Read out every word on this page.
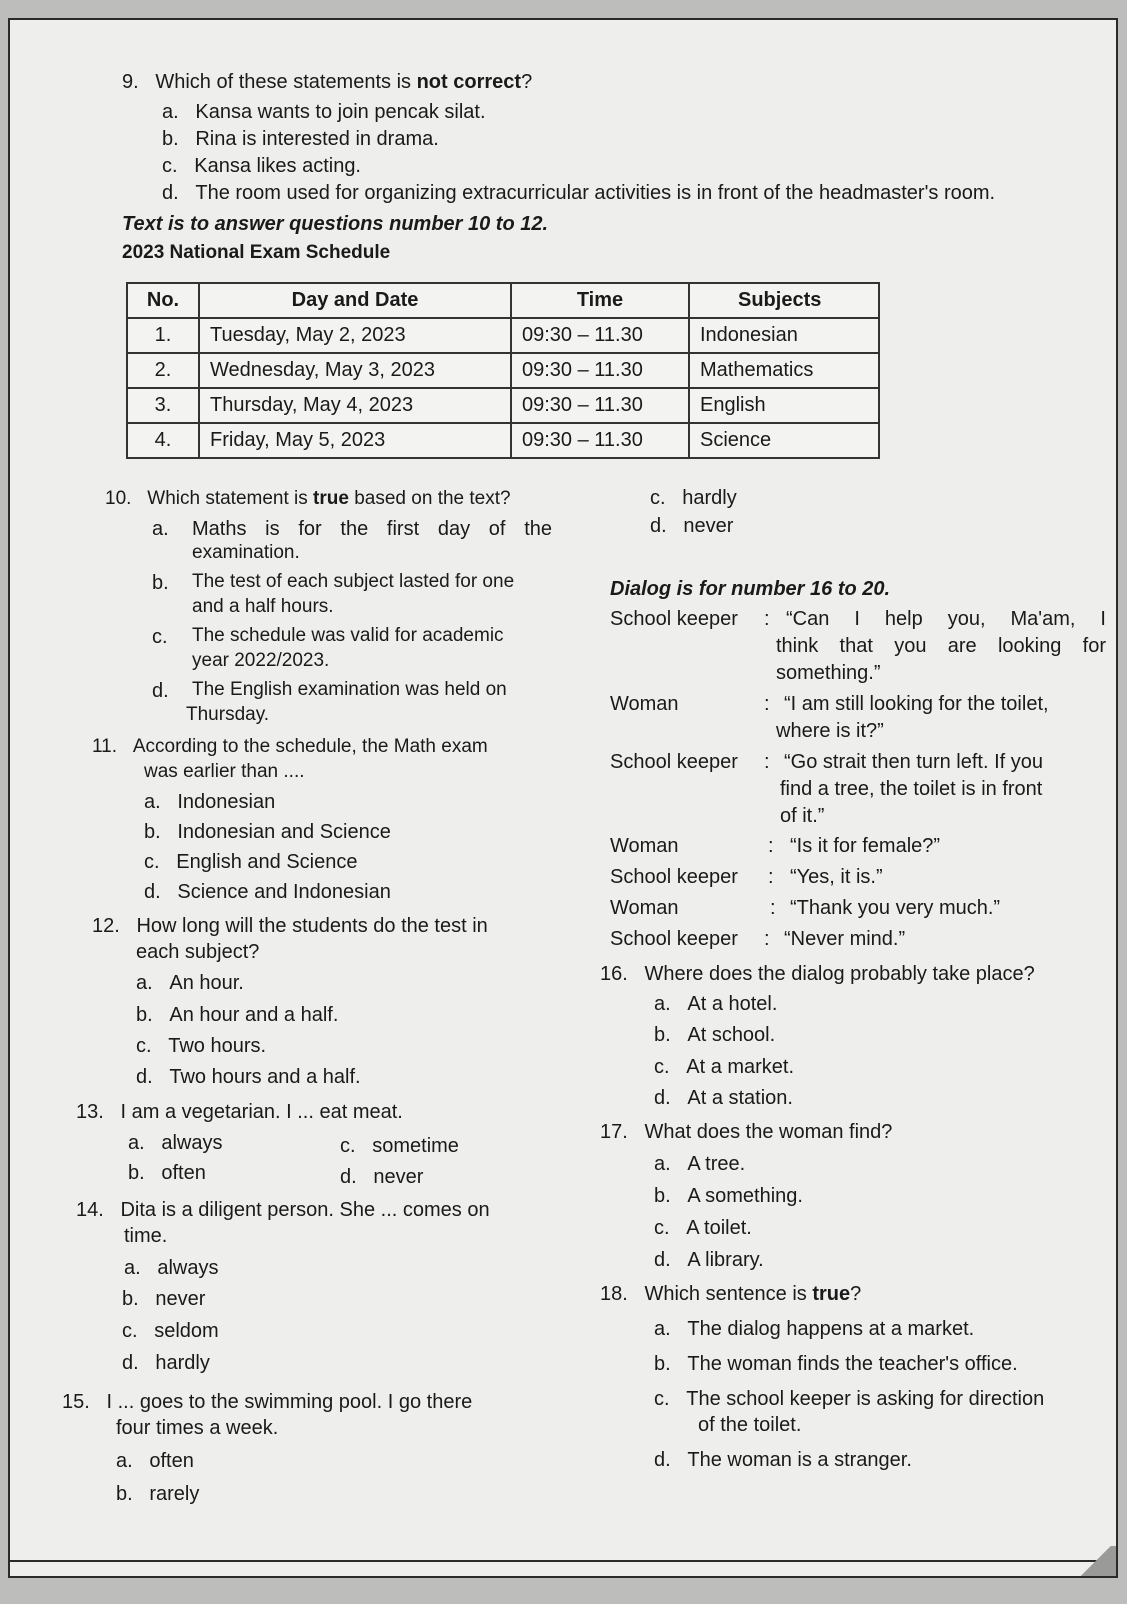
9. Which of these statements is not correct?
a. Kansa wants to join pencak silat.
b. Rina is interested in drama.
c. Kansa likes acting.
d. The room used for organizing extracurricular activities is in front of the headmaster's room.
Text is to answer questions number 10 to 12.
2023 National Exam Schedule
No.	Day and Date	Time	Subjects
1.	Tuesday, May 2, 2023	09:30 – 11.30	Indonesian
2.	Wednesday, May 3, 2023	09:30 – 11.30	Mathematics
3.	Thursday, May 4, 2023	09:30 – 11.30	English
4.	Friday, May 5, 2023	09:30 – 11.30	Science
10. Which statement is true based on the text?
a. Maths is for the first day of the
examination.
b. The test of each subject lasted for one
and a half hours.
c. The schedule was valid for academic
year 2022/2023.
d. The English examination was held on
Thursday.
11. According to the schedule, the Math exam
was earlier than ....
a. Indonesian
b. Indonesian and Science
c. English and Science
d. Science and Indonesian
12. How long will the students do the test in
each subject?
a. An hour.
b. An hour and a half.
c. Two hours.
d. Two hours and a half.
13. I am a vegetarian. I ... eat meat.
a. always	c. sometime
b. often	d. never
14. Dita is a diligent person. She ... comes on
time.
a. always
b. never
c. seldom
d. hardly
15. I ... goes to the swimming pool. I go there
four times a week.
a. often
b. rarely
c. hardly
d. never
Dialog is for number 16 to 20.
School keeper : “Can I help you, Ma'am, I
think that you are looking for
something.”
Woman	: “I am still looking for the toilet,
where is it?”
School keeper : “Go strait then turn left. If you
find a tree, the toilet is in front
of it.”
Woman	: “Is it for female?”
School keeper : “Yes, it is.”
Woman	: “Thank you very much.”
School keeper : “Never mind.”
16. Where does the dialog probably take place?
a. At a hotel.
b. At school.
c. At a market.
d. At a station.
17. What does the woman find?
a. A tree.
b. A something.
c. A toilet.
d. A library.
18. Which sentence is true?
a. The dialog happens at a market.
b. The woman finds the teacher's office.
c. The school keeper is asking for direction
of the toilet.
d. The woman is a stranger.
